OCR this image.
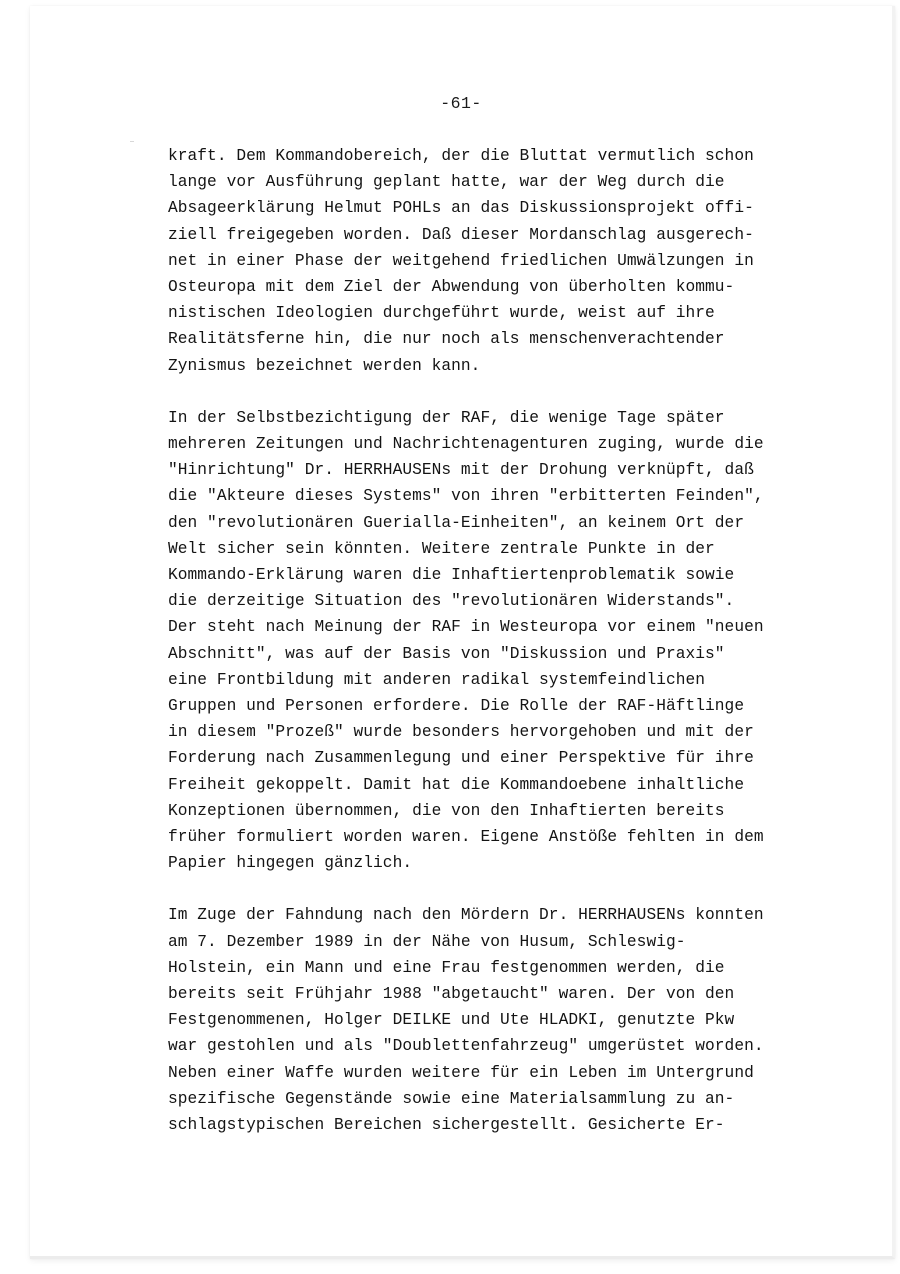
-61-
kraft. Dem Kommandobereich, der die Bluttat vermutlich schon
lange vor Ausführung geplant hatte, war der Weg durch die
Absageerklärung Helmut POHLs an das Diskussionsprojekt offi-
ziell freigegeben worden. Daß dieser Mordanschlag ausgerech-
net in einer Phase der weitgehend friedlichen Umwälzungen in
Osteuropa mit dem Ziel der Abwendung von überholten kommu-
nistischen Ideologien durchgeführt wurde, weist auf ihre
Realitätsferne hin, die nur noch als menschenverachtender
Zynismus bezeichnet werden kann.
In der Selbstbezichtigung der RAF, die wenige Tage später
mehreren Zeitungen und Nachrichtenagenturen zuging, wurde die
"Hinrichtung" Dr. HERRHAUSENs mit der Drohung verknüpft, daß
die "Akteure dieses Systems" von ihren "erbitterten Feinden",
den "revolutionären Guerialla-Einheiten", an keinem Ort der
Welt sicher sein könnten. Weitere zentrale Punkte in der
Kommando-Erklärung waren die Inhaftiertenproblematik sowie
die derzeitige Situation des "revolutionären Widerstands".
Der steht nach Meinung der RAF in Westeuropa vor einem "neuen
Abschnitt", was auf der Basis von "Diskussion und Praxis"
eine Frontbildung mit anderen radikal systemfeindlichen
Gruppen und Personen erfordere. Die Rolle der RAF-Häftlinge
in diesem "Prozeß" wurde besonders hervorgehoben und mit der
Forderung nach Zusammenlegung und einer Perspektive für ihre
Freiheit gekoppelt. Damit hat die Kommandoebene inhaltliche
Konzeptionen übernommen, die von den Inhaftierten bereits
früher formuliert worden waren. Eigene Anstöße fehlten in dem
Papier hingegen gänzlich.
Im Zuge der Fahndung nach den Mördern Dr. HERRHAUSENs konnten
am 7. Dezember 1989 in der Nähe von Husum, Schleswig-
Holstein, ein Mann und eine Frau festgenommen werden, die
bereits seit Frühjahr 1988 "abgetaucht" waren. Der von den
Festgenommenen, Holger DEILKE und Ute HLADKI, genutzte Pkw
war gestohlen und als "Doublettenfahrzeug" umgerüstet worden.
Neben einer Waffe wurden weitere für ein Leben im Untergrund
spezifische Gegenstände sowie eine Materialsammlung zu an-
schlagstypischen Bereichen sichergestellt. Gesicherte Er-
